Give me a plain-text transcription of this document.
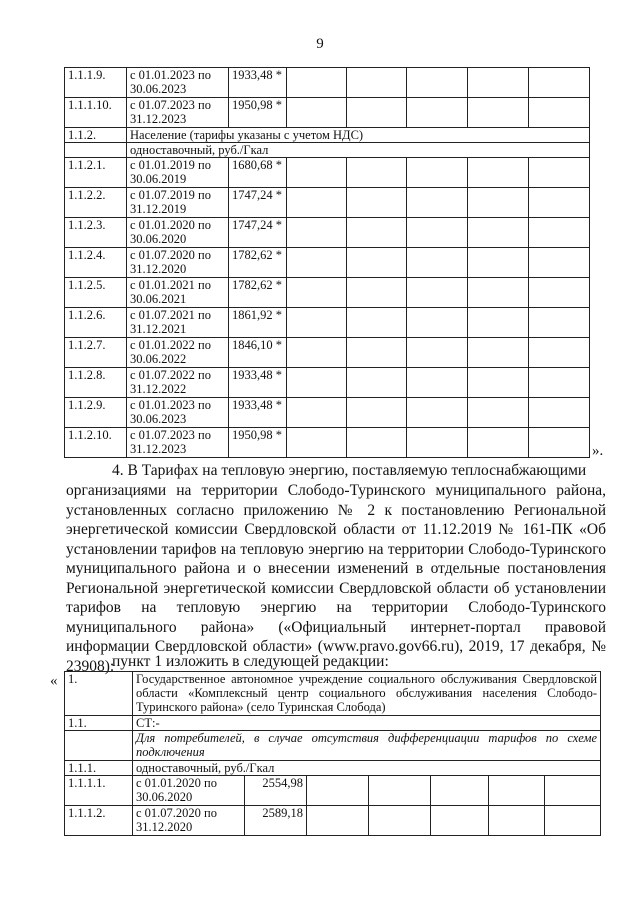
9
1.1.1.9.	с 01.01.2023 по 30.06.2023	1933,48 *					
1.1.1.10.	с 01.07.2023 по 31.12.2023	1950,98 *					
1.1.2.	Население (тарифы указаны с учетом НДС)						
	одноставочный, руб./Гкал						
1.1.2.1.	с 01.01.2019 по 30.06.2019	1680,68 *					
1.1.2.2.	с 01.07.2019 по 31.12.2019	1747,24 *					
1.1.2.3.	с 01.01.2020 по 30.06.2020	1747,24 *					
1.1.2.4.	с 01.07.2020 по 31.12.2020	1782,62 *					
1.1.2.5.	с 01.01.2021 по 30.06.2021	1782,62 *					
1.1.2.6.	с 01.07.2021 по 31.12.2021	1861,92 *					
1.1.2.7.	с 01.01.2022 по 30.06.2022	1846,10 *					
1.1.2.8.	с 01.07.2022 по 31.12.2022	1933,48 *					
1.1.2.9.	с 01.01.2023 по 30.06.2023	1933,48 *					
1.1.2.10.	с 01.07.2023 по 31.12.2023	1950,98 *					
».
4. В Тарифах на тепловую энергию, поставляемую теплоснабжающими
организациями на территории Слободо-Туринского муниципального района, установленных согласно приложению № 2 к постановлению Региональной энергетической комиссии Свердловской области от 11.12.2019 № 161-ПК «Об установлении тарифов на тепловую энергию на территории Слободо-Туринского муниципального района и о внесении изменений в отдельные постановления Региональной энергетической комиссии Свердловской области об установлении тарифов на тепловую энергию на территории Слободо-Туринского муниципального района» («Официальный интернет-портал правовой информации Свердловской области» (www.pravo.gov66.ru), 2019, 17 декабря, № 23908):
пункт 1 изложить в следующей редакции:
« 1.	Государственное автономное учреждение социального обслуживания Свердловской области «Комплексный центр социального обслуживания населения Слободо-Туринского района» (село Туринская Слобода)						
1.1.	СТ:-						
	Для потребителей, в случае отсутствия дифференциации тарифов по схеме подключения						
1.1.1.	одноставочный, руб./Гкал						
1.1.1.1.	с 01.01.2020 по 30.06.2020	2554,98					
1.1.1.2.	с 01.07.2020 по 31.12.2020	2589,18					
